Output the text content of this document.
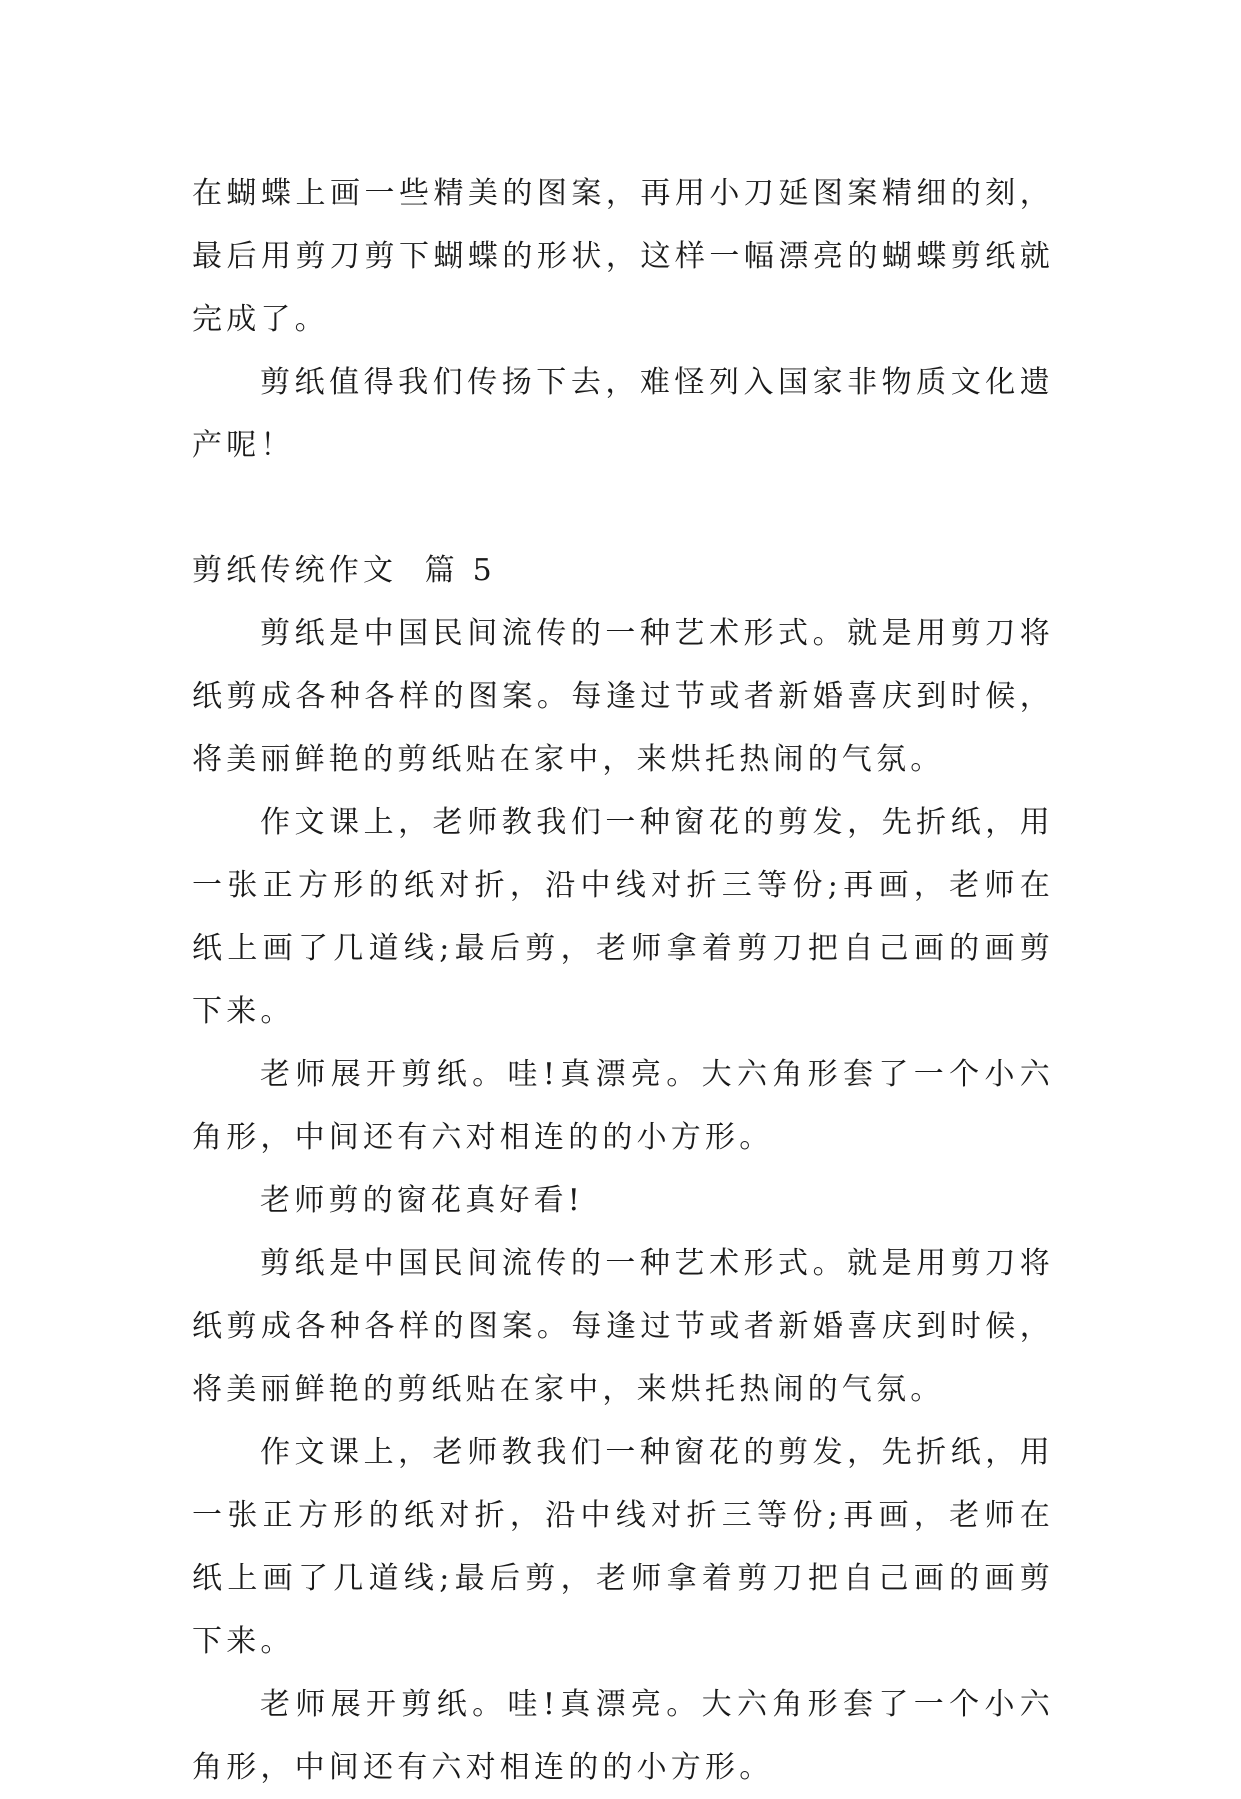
在蝴蝶上画一些精美的图案，再用小刀延图案精细的刻，最后用剪刀剪下蝴蝶的形状，这样一幅漂亮的蝴蝶剪纸就完成了。

剪纸值得我们传扬下去，难怪列入国家非物质文化遗产呢！

剪纸传统作文  篇 5

剪纸是中国民间流传的一种艺术形式。就是用剪刀将纸剪成各种各样的图案。每逢过节或者新婚喜庆到时候，将美丽鲜艳的剪纸贴在家中，来烘托热闹的气氛。

作文课上，老师教我们一种窗花的剪发，先折纸，用一张正方形的纸对折，沿中线对折三等份;再画，老师在纸上画了几道线;最后剪，老师拿着剪刀把自己画的画剪下来。

老师展开剪纸。哇!真漂亮。大六角形套了一个小六角形，中间还有六对相连的的小方形。

老师剪的窗花真好看!

剪纸是中国民间流传的一种艺术形式。就是用剪刀将纸剪成各种各样的图案。每逢过节或者新婚喜庆到时候，将美丽鲜艳的剪纸贴在家中，来烘托热闹的气氛。

作文课上，老师教我们一种窗花的剪发，先折纸，用一张正方形的纸对折，沿中线对折三等份;再画，老师在纸上画了几道线;最后剪，老师拿着剪刀把自己画的画剪下来。

老师展开剪纸。哇!真漂亮。大六角形套了一个小六角形，中间还有六对相连的的小方形。
